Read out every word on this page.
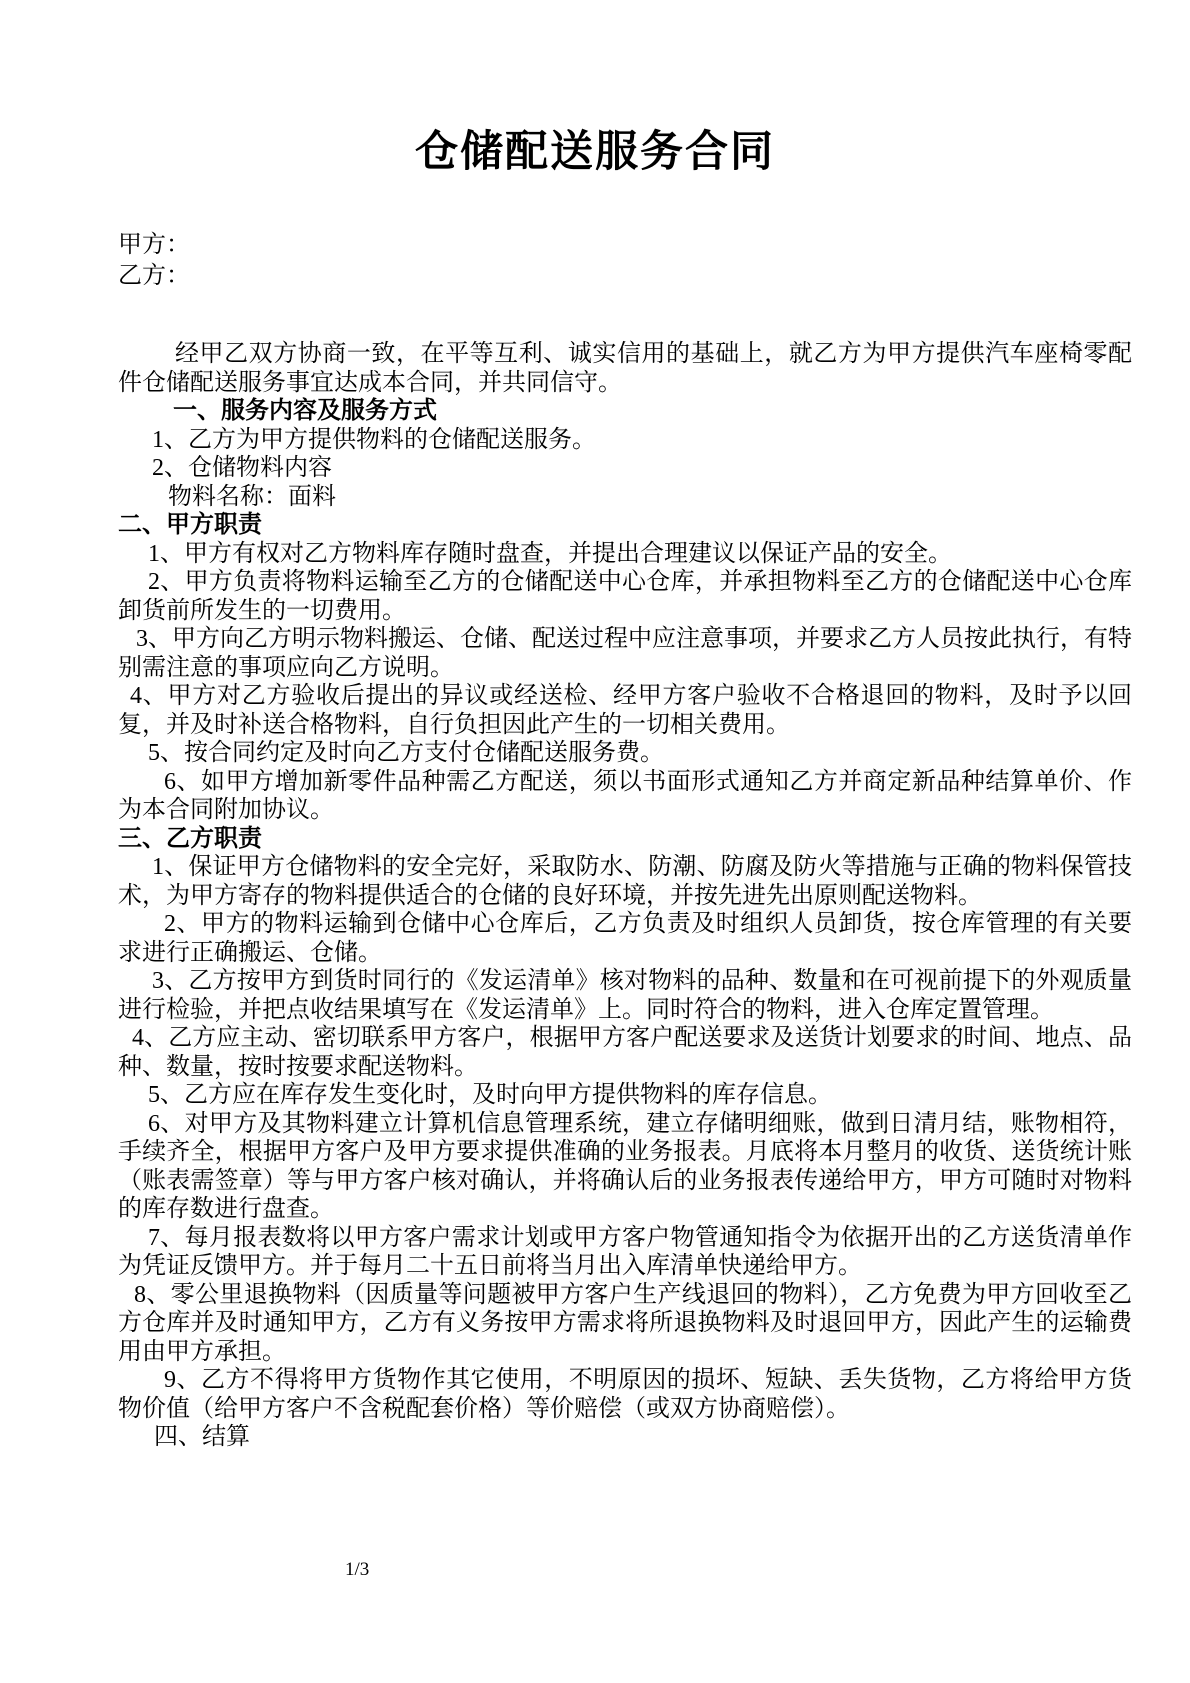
仓储配送服务合同

甲方：

乙方：

经甲乙双方协商一致，在平等互利、诚实信用的基础上，就乙方为甲方提供汽车座椅零配件仓储配送服务事宜达成本合同，并共同信守。

一、服务内容及服务方式

1、乙方为甲方提供物料的仓储配送服务。

2、仓储物料内容

物料名称：面料

二、甲方职责

1、甲方有权对乙方物料库存随时盘查，并提出合理建议以保证产品的安全。

2、甲方负责将物料运输至乙方的仓储配送中心仓库，并承担物料至乙方的仓储配送中心仓库卸货前所发生的一切费用。

3、甲方向乙方明示物料搬运、仓储、配送过程中应注意事项，并要求乙方人员按此执行，有特别需注意的事项应向乙方说明。

4、甲方对乙方验收后提出的异议或经送检、经甲方客户验收不合格退回的物料，及时予以回复，并及时补送合格物料，自行负担因此产生的一切相关费用。

5、按合同约定及时向乙方支付仓储配送服务费。

6、如甲方增加新零件品种需乙方配送，须以书面形式通知乙方并商定新品种结算单价、作为本合同附加协议。

三、乙方职责

1、保证甲方仓储物料的安全完好，采取防水、防潮、防腐及防火等措施与正确的物料保管技术，为甲方寄存的物料提供适合的仓储的良好环境，并按先进先出原则配送物料。

2、甲方的物料运输到仓储中心仓库后，乙方负责及时组织人员卸货，按仓库管理的有关要求进行正确搬运、仓储。

3、乙方按甲方到货时同行的《发运清单》核对物料的品种、数量和在可视前提下的外观质量进行检验，并把点收结果填写在《发运清单》上。同时符合的物料，进入仓库定置管理。

4、乙方应主动、密切联系甲方客户，根据甲方客户配送要求及送货计划要求的时间、地点、品种、数量，按时按要求配送物料。

5、乙方应在库存发生变化时，及时向甲方提供物料的库存信息。

6、对甲方及其物料建立计算机信息管理系统，建立存储明细账，做到日清月结，账物相符，手续齐全，根据甲方客户及甲方要求提供准确的业务报表。月底将本月整月的收货、送货统计账（账表需签章）等与甲方客户核对确认，并将确认后的业务报表传递给甲方，甲方可随时对物料的库存数进行盘查。

7、每月报表数将以甲方客户需求计划或甲方客户物管通知指令为依据开出的乙方送货清单作为凭证反馈甲方。并于每月二十五日前将当月出入库清单快递给甲方。

8、零公里退换物料（因质量等问题被甲方客户生产线退回的物料），乙方免费为甲方回收至乙方仓库并及时通知甲方，乙方有义务按甲方需求将所退换物料及时退回甲方，因此产生的运输费用由甲方承担。

9、乙方不得将甲方货物作其它使用，不明原因的损坏、短缺、丢失货物，乙方将给甲方货物价值（给甲方客户不含税配套价格）等价赔偿（或双方协商赔偿）。

四、结算

1/3
